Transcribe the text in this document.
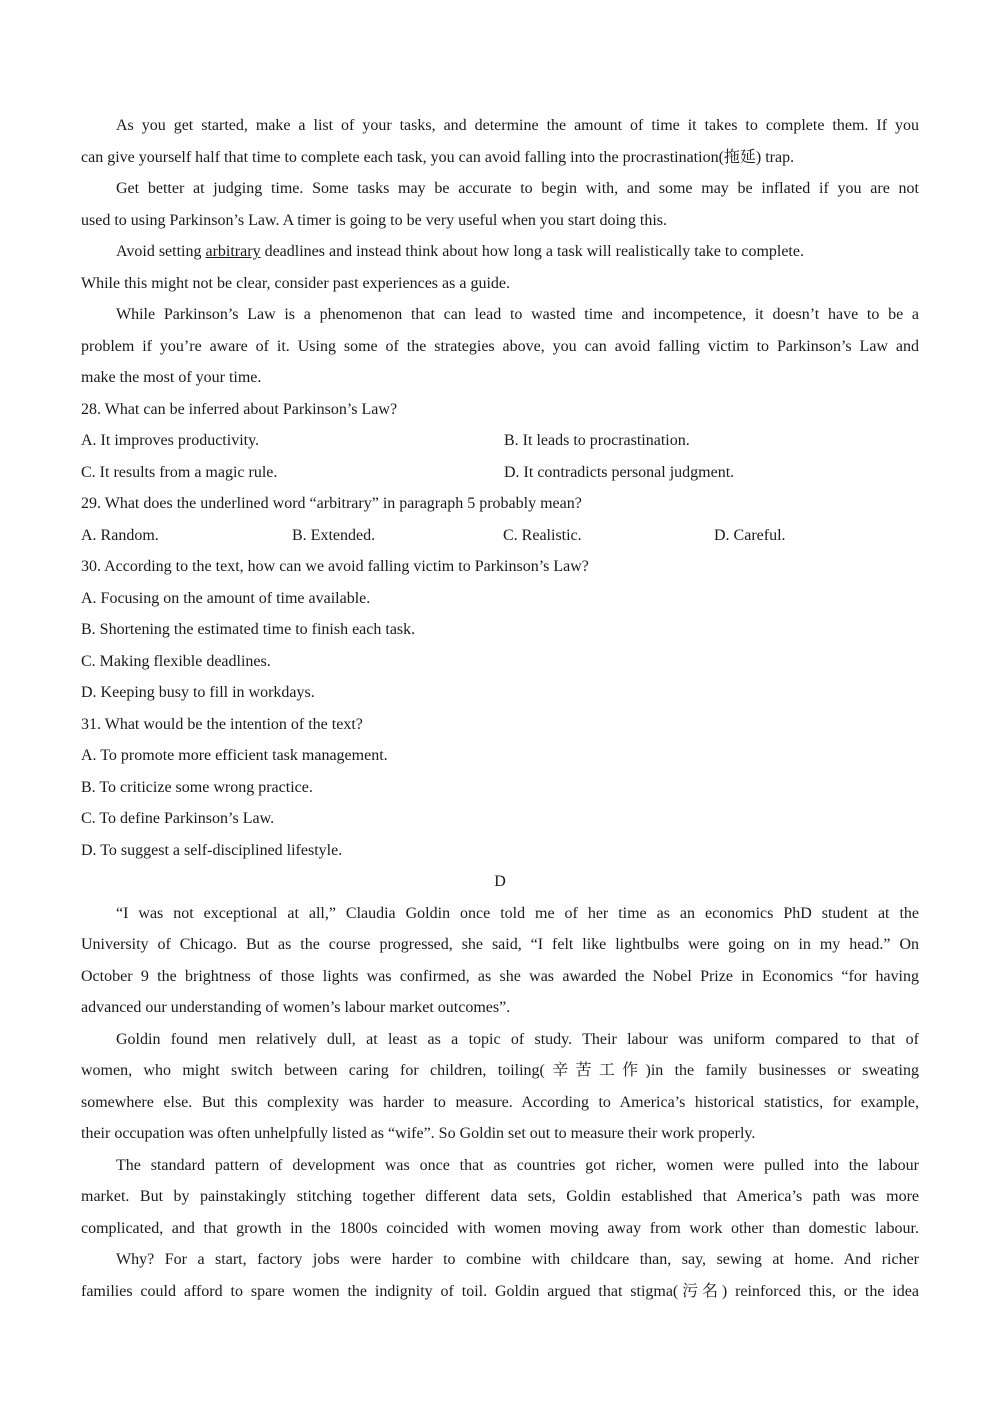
As you get started, make a list of your tasks, and determine the amount of time it takes to complete them. If you
can give yourself half that time to complete each task, you can avoid falling into the procrastination(拖延) trap.
Get better at judging time. Some tasks may be accurate to begin with, and some may be inflated if you are not
used to using Parkinson’s Law. A timer is going to be very useful when you start doing this.
Avoid setting arbitrary deadlines and instead think about how long a task will realistically take to complete.
While this might not be clear, consider past experiences as a guide.
While Parkinson’s Law is a phenomenon that can lead to wasted time and incompetence, it doesn’t have to be a
problem if you’re aware of it. Using some of the strategies above, you can avoid falling victim to Parkinson’s Law and
make the most of your time.
28. What can be inferred about Parkinson’s Law?
A. It improves productivity.	B. It leads to procrastination.
C. It results from a magic rule.	D. It contradicts personal judgment.
29. What does the underlined word “arbitrary” in paragraph 5 probably mean?
A. Random.	B. Extended.	C. Realistic.	D. Careful.
30. According to the text, how can we avoid falling victim to Parkinson’s Law?
A. Focusing on the amount of time available.
B. Shortening the estimated time to finish each task.
C. Making flexible deadlines.
D. Keeping busy to fill in workdays.
31. What would be the intention of the text?
A. To promote more efficient task management.
B. To criticize some wrong practice.
C. To define Parkinson’s Law.
D. To suggest a self-disciplined lifestyle.
D
“I was not exceptional at all,” Claudia Goldin once told me of her time as an economics PhD student at the
University of Chicago. But as the course progressed, she said, “I felt like lightbulbs were going on in my head.” On
October 9 the brightness of those lights was confirmed, as she was awarded the Nobel Prize in Economics “for having
advanced our understanding of women’s labour market outcomes”.
Goldin found men relatively dull, at least as a topic of study. Their labour was uniform compared to that of
women, who might switch between caring for children, toiling(辛苦工作)in the family businesses or sweating
somewhere else. But this complexity was harder to measure. According to America’s historical statistics, for example,
their occupation was often unhelpfully listed as “wife”. So Goldin set out to measure their work properly.
The standard pattern of development was once that as countries got richer, women were pulled into the labour
market. But by painstakingly stitching together different data sets, Goldin established that America’s path was more
complicated, and that growth in the 1800s coincided with women moving away from work other than domestic labour.
Why? For a start, factory jobs were harder to combine with childcare than, say, sewing at home. And richer
families could afford to spare women the indignity of toil. Goldin argued that stigma(污名) reinforced this, or the idea
